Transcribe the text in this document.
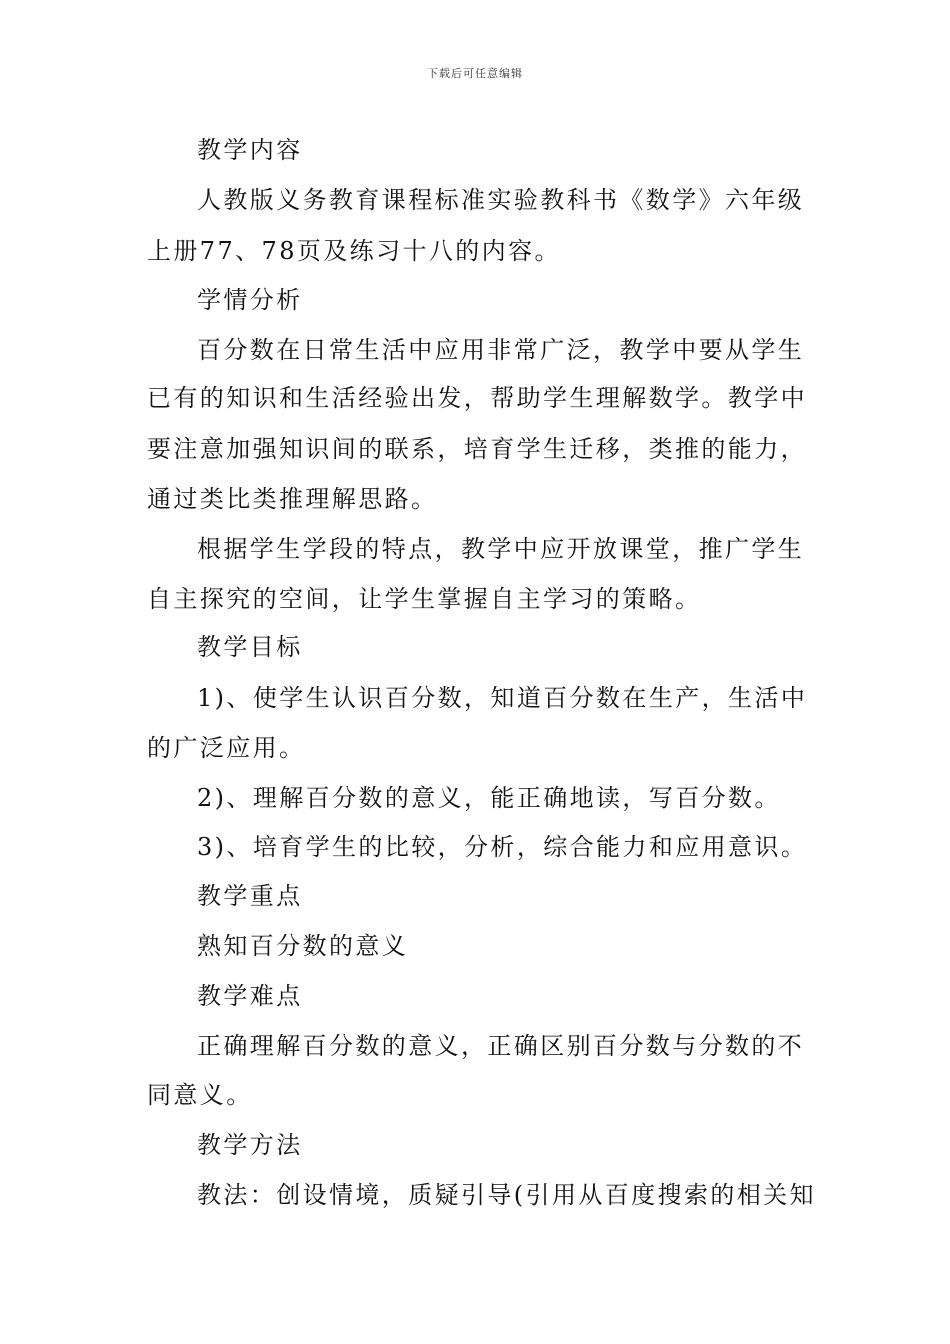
下载后可任意编辑
教学内容
人教版义务教育课程标准实验教科书《数学》六年级
上册77、78页及练习十八的内容。
学情分析
百分数在日常生活中应用非常广泛，教学中要从学生
已有的知识和生活经验出发，帮助学生理解数学。教学中
要注意加强知识间的联系，培育学生迁移，类推的能力，
通过类比类推理解思路。
根据学生学段的特点，教学中应开放课堂，推广学生
自主探究的空间，让学生掌握自主学习的策略。
教学目标
1)、使学生认识百分数，知道百分数在生产，生活中
的广泛应用。
2)、理解百分数的意义，能正确地读，写百分数。
3)、培育学生的比较，分析，综合能力和应用意识。
教学重点
熟知百分数的意义
教学难点
正确理解百分数的意义，正确区别百分数与分数的不
同意义。
教学方法
教法：创设情境，质疑引导(引用从百度搜索的相关知
